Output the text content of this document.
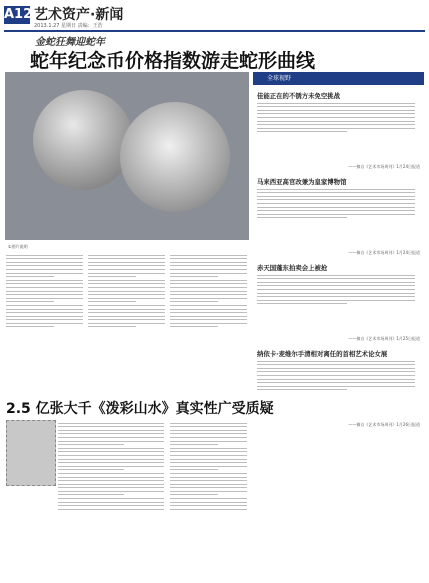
A12 艺术资产·新闻
2013.1.27 星期日 责编：王浩
金蛇狂舞迎蛇年
蛇年纪念币价格指数游走蛇形曲线
①图片说明
2.5 亿张大千《泼彩山水》真实性广受质疑
全球视野
佳能正在的不锈方未免空挑战
——摘自《艺术市场周刊》1月24日报道
马来西亚高官改兼为皇家博物馆
——摘自《艺术市场周刊》1月24日报道
赤天国蓬东拍卖会上被抢
——摘自《艺术市场周刊》1月25日报道
纳依卡·麦维尔手清相对离任的首相艺术论女展
——摘自《艺术市场周刊》1月26日报道
